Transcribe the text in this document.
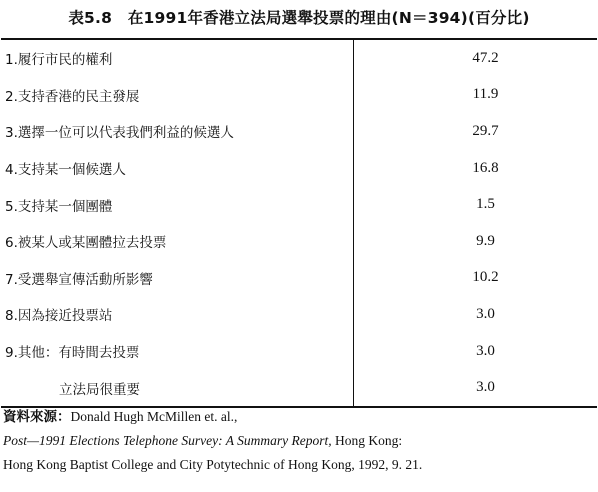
表5.8　在1991年香港立法局選舉投票的理由(N＝394)(百分比)
1.履行市民的權利	47.2
2.支持香港的民主發展	11.9
3.選擇一位可以代表我們利益的候選人	29.7
4.支持某一個候選人	16.8
5.支持某一個團體	1.5
6.被某人或某團體拉去投票	9.9
7.受選舉宣傳活動所影響	10.2
8.因為接近投票站	3.0
9.其他：有時間去投票	3.0
立法局很重要	3.0
資料來源：Donald Hugh McMillen et. al.,
Post—1991 Elections Telephone Survey: A Summary Report, Hong Kong:
Hong Kong Baptist College and City Potytechnic of Hong Kong, 1992, 9. 21.
